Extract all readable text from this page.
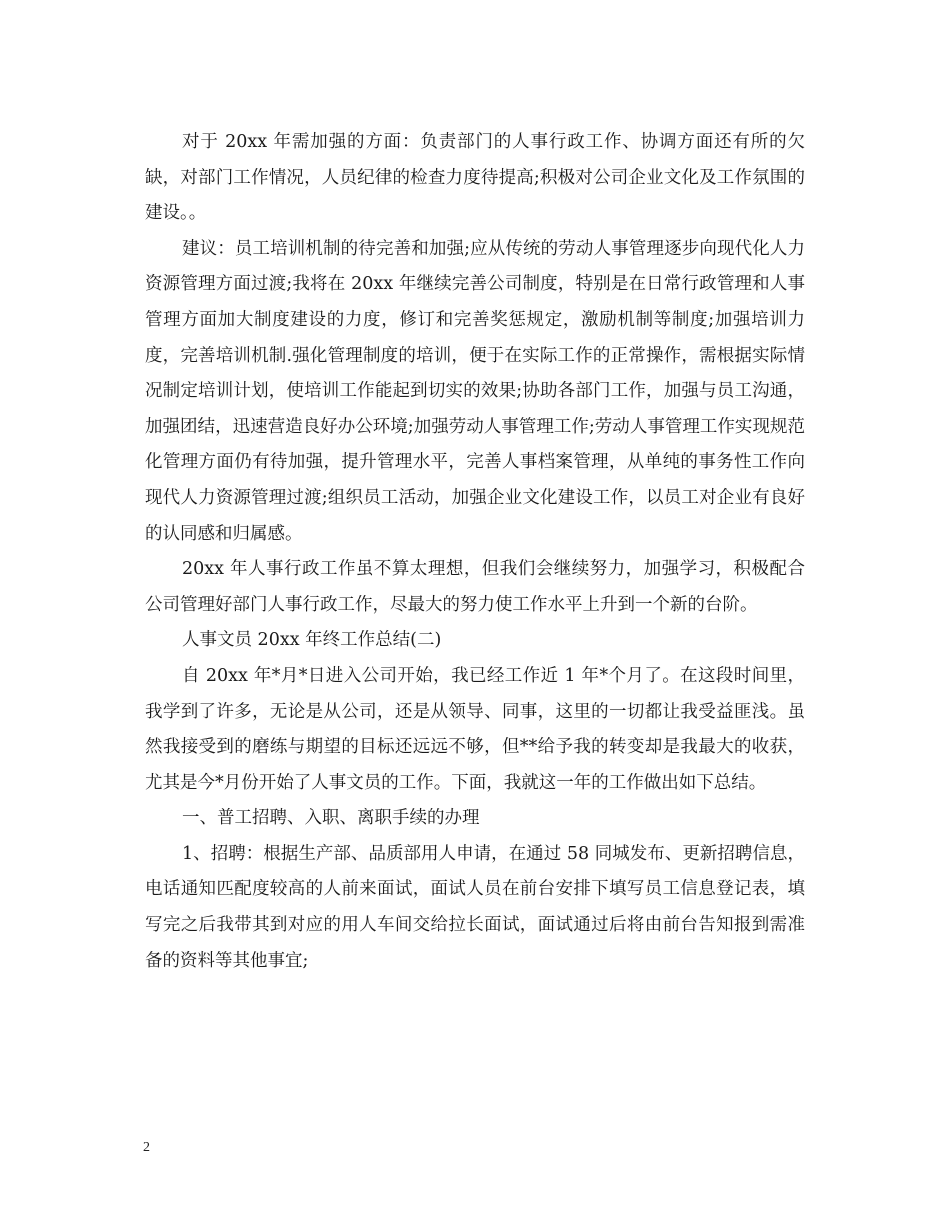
对于 20xx 年需加强的方面：负责部门的人事行政工作、协调方面还有所的欠缺，对部门工作情况，人员纪律的检查力度待提高;积极对公司企业文化及工作氛围的建设。。

建议：员工培训机制的待完善和加强;应从传统的劳动人事管理逐步向现代化人力资源管理方面过渡;我将在 20xx 年继续完善公司制度，特别是在日常行政管理和人事管理方面加大制度建设的力度，修订和完善奖惩规定，激励机制等制度;加强培训力度，完善培训机制.强化管理制度的培训，便于在实际工作的正常操作，需根据实际情况制定培训计划，使培训工作能起到切实的效果;协助各部门工作，加强与员工沟通，加强团结，迅速营造良好办公环境;加强劳动人事管理工作;劳动人事管理工作实现规范化管理方面仍有待加强，提升管理水平，完善人事档案管理，从单纯的事务性工作向现代人力资源管理过渡;组织员工活动，加强企业文化建设工作，以员工对企业有良好的认同感和归属感。

20xx 年人事行政工作虽不算太理想，但我们会继续努力，加强学习，积极配合公司管理好部门人事行政工作，尽最大的努力使工作水平上升到一个新的台阶。

人事文员 20xx 年终工作总结(二)

自 20xx 年*月*日进入公司开始，我已经工作近 1 年*个月了。在这段时间里，我学到了许多，无论是从公司，还是从领导、同事，这里的一切都让我受益匪浅。虽然我接受到的磨练与期望的目标还远远不够，但**给予我的转变却是我最大的收获，尤其是今*月份开始了人事文员的工作。下面，我就这一年的工作做出如下总结。

一、普工招聘、入职、离职手续的办理

1、招聘：根据生产部、品质部用人申请，在通过 58 同城发布、更新招聘信息，电话通知匹配度较高的人前来面试，面试人员在前台安排下填写员工信息登记表，填写完之后我带其到对应的用人车间交给拉长面试，面试通过后将由前台告知报到需准备的资料等其他事宜;

2
